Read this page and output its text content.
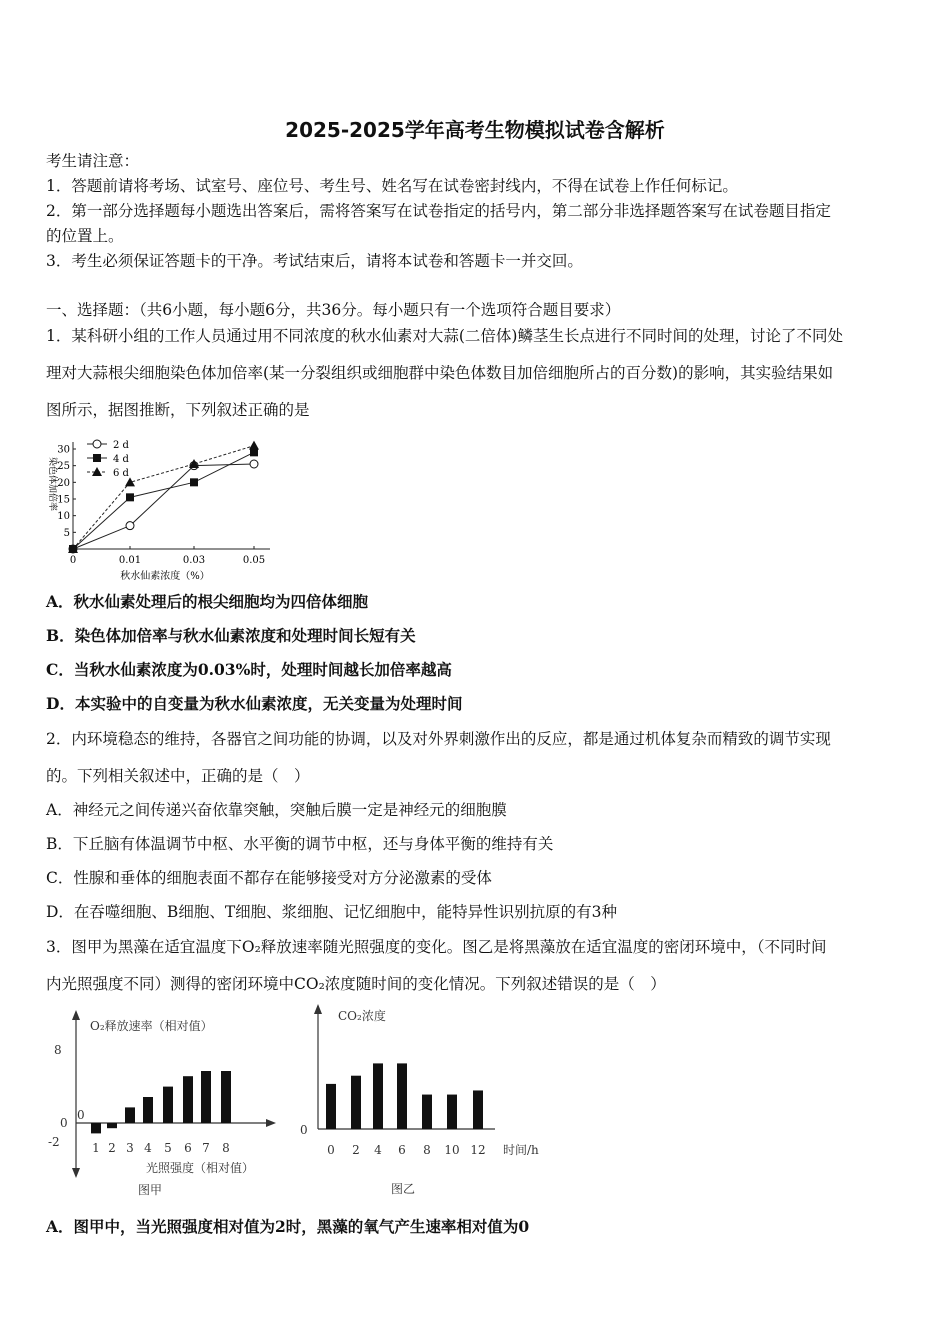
2025-2025学年高考生物模拟试卷含解析
考生请注意：
1．答题前请将考场、试室号、座位号、考生号、姓名写在试卷密封线内，不得在试卷上作任何标记。
2．第一部分选择题每小题选出答案后，需将答案写在试卷指定的括号内，第二部分非选择题答案写在试卷题目指定
的位置上。
3．考生必须保证答题卡的干净。考试结束后，请将本试卷和答题卡一并交回。
一、选择题：（共6小题，每小题6分，共36分。每小题只有一个选项符合题目要求）
1．某科研小组的工作人员通过用不同浓度的秋水仙素对大蒜(二倍体)鳞茎生长点进行不同时间的处理，讨论了不同处
理对大蒜根尖细胞染色体加倍率(某一分裂组织或细胞群中染色体数目加倍细胞所占的百分数)的影响，其实验结果如
图所示，据图推断，下列叙述正确的是
5
10
15
20
25
30
0	0.01	0.03	0.05
2 d
4 d
6 d
秋水仙素浓度（%）
染色体加倍率
A．秋水仙素处理后的根尖细胞均为四倍体细胞
B．染色体加倍率与秋水仙素浓度和处理时间长短有关
C．当秋水仙素浓度为0.03%时，处理时间越长加倍率越高
D．本实验中的自变量为秋水仙素浓度，无关变量为处理时间
2．内环境稳态的维持，各器官之间功能的协调，以及对外界刺激作出的反应，都是通过机体复杂而精致的调节实现
的。下列相关叙述中，正确的是（　）
A．神经元之间传递兴奋依靠突触，突触后膜一定是神经元的细胞膜
B．下丘脑有体温调节中枢、水平衡的调节中枢，还与身体平衡的维持有关
C．性腺和垂体的细胞表面不都存在能够接受对方分泌激素的受体
D．在吞噬细胞、B细胞、T细胞、浆细胞、记忆细胞中，能特异性识别抗原的有3种
3．图甲为黑藻在适宜温度下O₂释放速率随光照强度的变化。图乙是将黑藻放在适宜温度的密闭环境中，（不同时间
内光照强度不同）测得的密闭环境中CO₂浓度随时间的变化情况。下列叙述错误的是（　）
O₂释放速率（相对值）
8
0
-2
0
1 2 3 4 5 6 7 8
光照强度（相对值）
图甲
CO₂浓度
0
0 2 4 6 8 10 12 时间/h
图乙
A．图甲中，当光照强度相对值为2时，黑藻的氧气产生速率相对值为0
